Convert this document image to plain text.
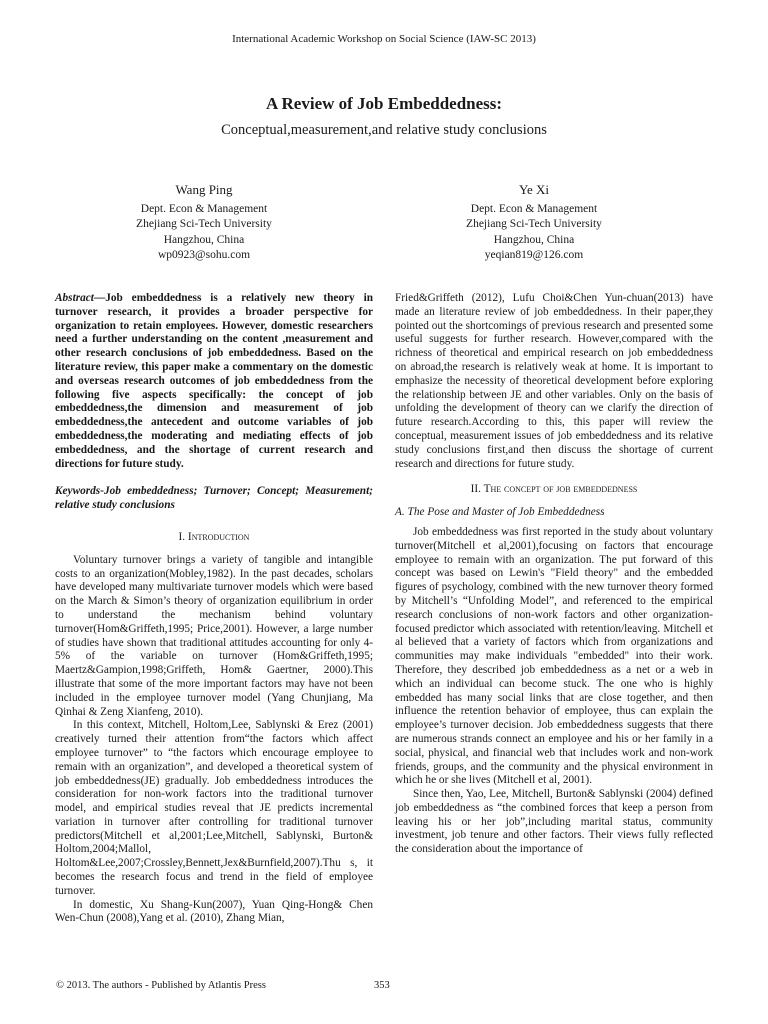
International Academic Workshop on Social Science (IAW-SC 2013)
A Review of Job Embeddedness:
Conceptual,measurement,and relative study conclusions
Wang Ping
Dept. Econ & Management
Zhejiang Sci-Tech University
Hangzhou, China
wp0923@sohu.com
Ye Xi
Dept. Econ & Management
Zhejiang Sci-Tech University
Hangzhou, China
yeqian819@126.com

Abstract—Job embeddedness is a relatively new theory in turnover research, it provides a broader perspective for organization to retain employees. However, domestic researchers need a further understanding on the content ,measurement and other research conclusions of job embeddedness. Based on the literature review, this paper make a commentary on the domestic and overseas research outcomes of job embeddedness from the following five aspects specifically: the concept of job embeddedness,the dimension and measurement of job embeddedness,the antecedent and outcome variables of job embeddedness,the moderating and mediating effects of job embeddedness, and the shortage of current research and directions for future study.

Keywords-Job embeddedness; Turnover; Concept; Measurement; relative study conclusions

I. Introduction

Voluntary turnover brings a variety of tangible and intangible costs to an organization(Mobley,1982). In the past decades, scholars have developed many multivariate turnover models which were based on the March & Simon’s theory of organization equilibrium in order to understand the mechanism behind voluntary turnover(Hom&Griffeth,1995; Price,2001). However, a large number of studies have shown that traditional attitudes accounting for only 4-5% of the variable on turnover (Hom&Griffeth,1995; Maertz&Gampion,1998;Griffeth, Hom& Gaertner, 2000).This illustrate that some of the more important factors may have not been included in the employee turnover model (Yang Chunjiang, Ma Qinhai & Zeng Xianfeng, 2010).

In this context, Mitchell, Holtom,Lee, Sablynski & Erez (2001) creatively turned their attention from“the factors which affect employee turnover” to “the factors which encourage employee to remain with an organization”, and developed a theoretical system of job embeddedness(JE) gradually. Job embeddedness introduces the consideration for non-work factors into the traditional turnover model, and empirical studies reveal that JE predicts incremental variation in turnover after controlling for traditional turnover predictors(Mitchell et al,2001;Lee,Mitchell, Sablynski, Burton& Holtom,2004;Mallol, Holtom&Lee,2007;Crossley,Bennett,Jex&Burnfield,2007).Thu s, it becomes the research focus and trend in the field of employee turnover.

In domestic, Xu Shang-Kun(2007), Yuan Qing-Hong& Chen Wen-Chun (2008),Yang et al. (2010), Zhang Mian,

Fried&Griffeth (2012), Lufu Choi&Chen Yun-chuan(2013) have made an literature review of job embeddedness. In their paper,they pointed out the shortcomings of previous research and presented some useful suggests for further research. However,compared with the richness of theoretical and empirical research on job embeddedness on abroad,the research is relatively weak at home. It is important to emphasize the necessity of theoretical development before exploring the relationship between JE and other variables. Only on the basis of unfolding the development of theory can we clarify the direction of future research.According to this, this paper will review the conceptual, measurement issues of job embeddedness and its relative study conclusions first,and then discuss the shortage of current research and directions for future study.

II. The concept of job embeddedness
A. The Pose and Master of Job Embeddedness

Job embeddedness was first reported in the study about voluntary turnover(Mitchell et al,2001),focusing on factors that encourage employee to remain with an organization. The put forward of this concept was based on Lewin's "Field theory" and the embedded figures of psychology, combined with the new turnover theory formed by Mitchell’s “Unfolding Model”, and referenced to the empirical research conclusions of non-work factors and other organization-focused predictor which associated with retention/leaving. Mitchell et al believed that a variety of factors which from organizations and communities may make individuals "embedded" into their work. Therefore, they described job embeddedness as a net or a web in which an individual can become stuck. The one who is highly embedded has many social links that are close together, and then influence the retention behavior of employee, thus can explain the employee’s turnover decision. Job embeddedness suggests that there are numerous strands connect an employee and his or her family in a social, physical, and financial web that includes work and non-work friends, groups, and the community and the physical environment in which he or she lives (Mitchell et al, 2001).

Since then, Yao, Lee, Mitchell, Burton& Sablynski (2004) defined job embeddedness as “the combined forces that keep a person from leaving his or her job”,including marital status, community investment, job tenure and other factors. Their views fully reflected the consideration about the importance of

© 2013. The authors - Published by Atlantis Press	353
